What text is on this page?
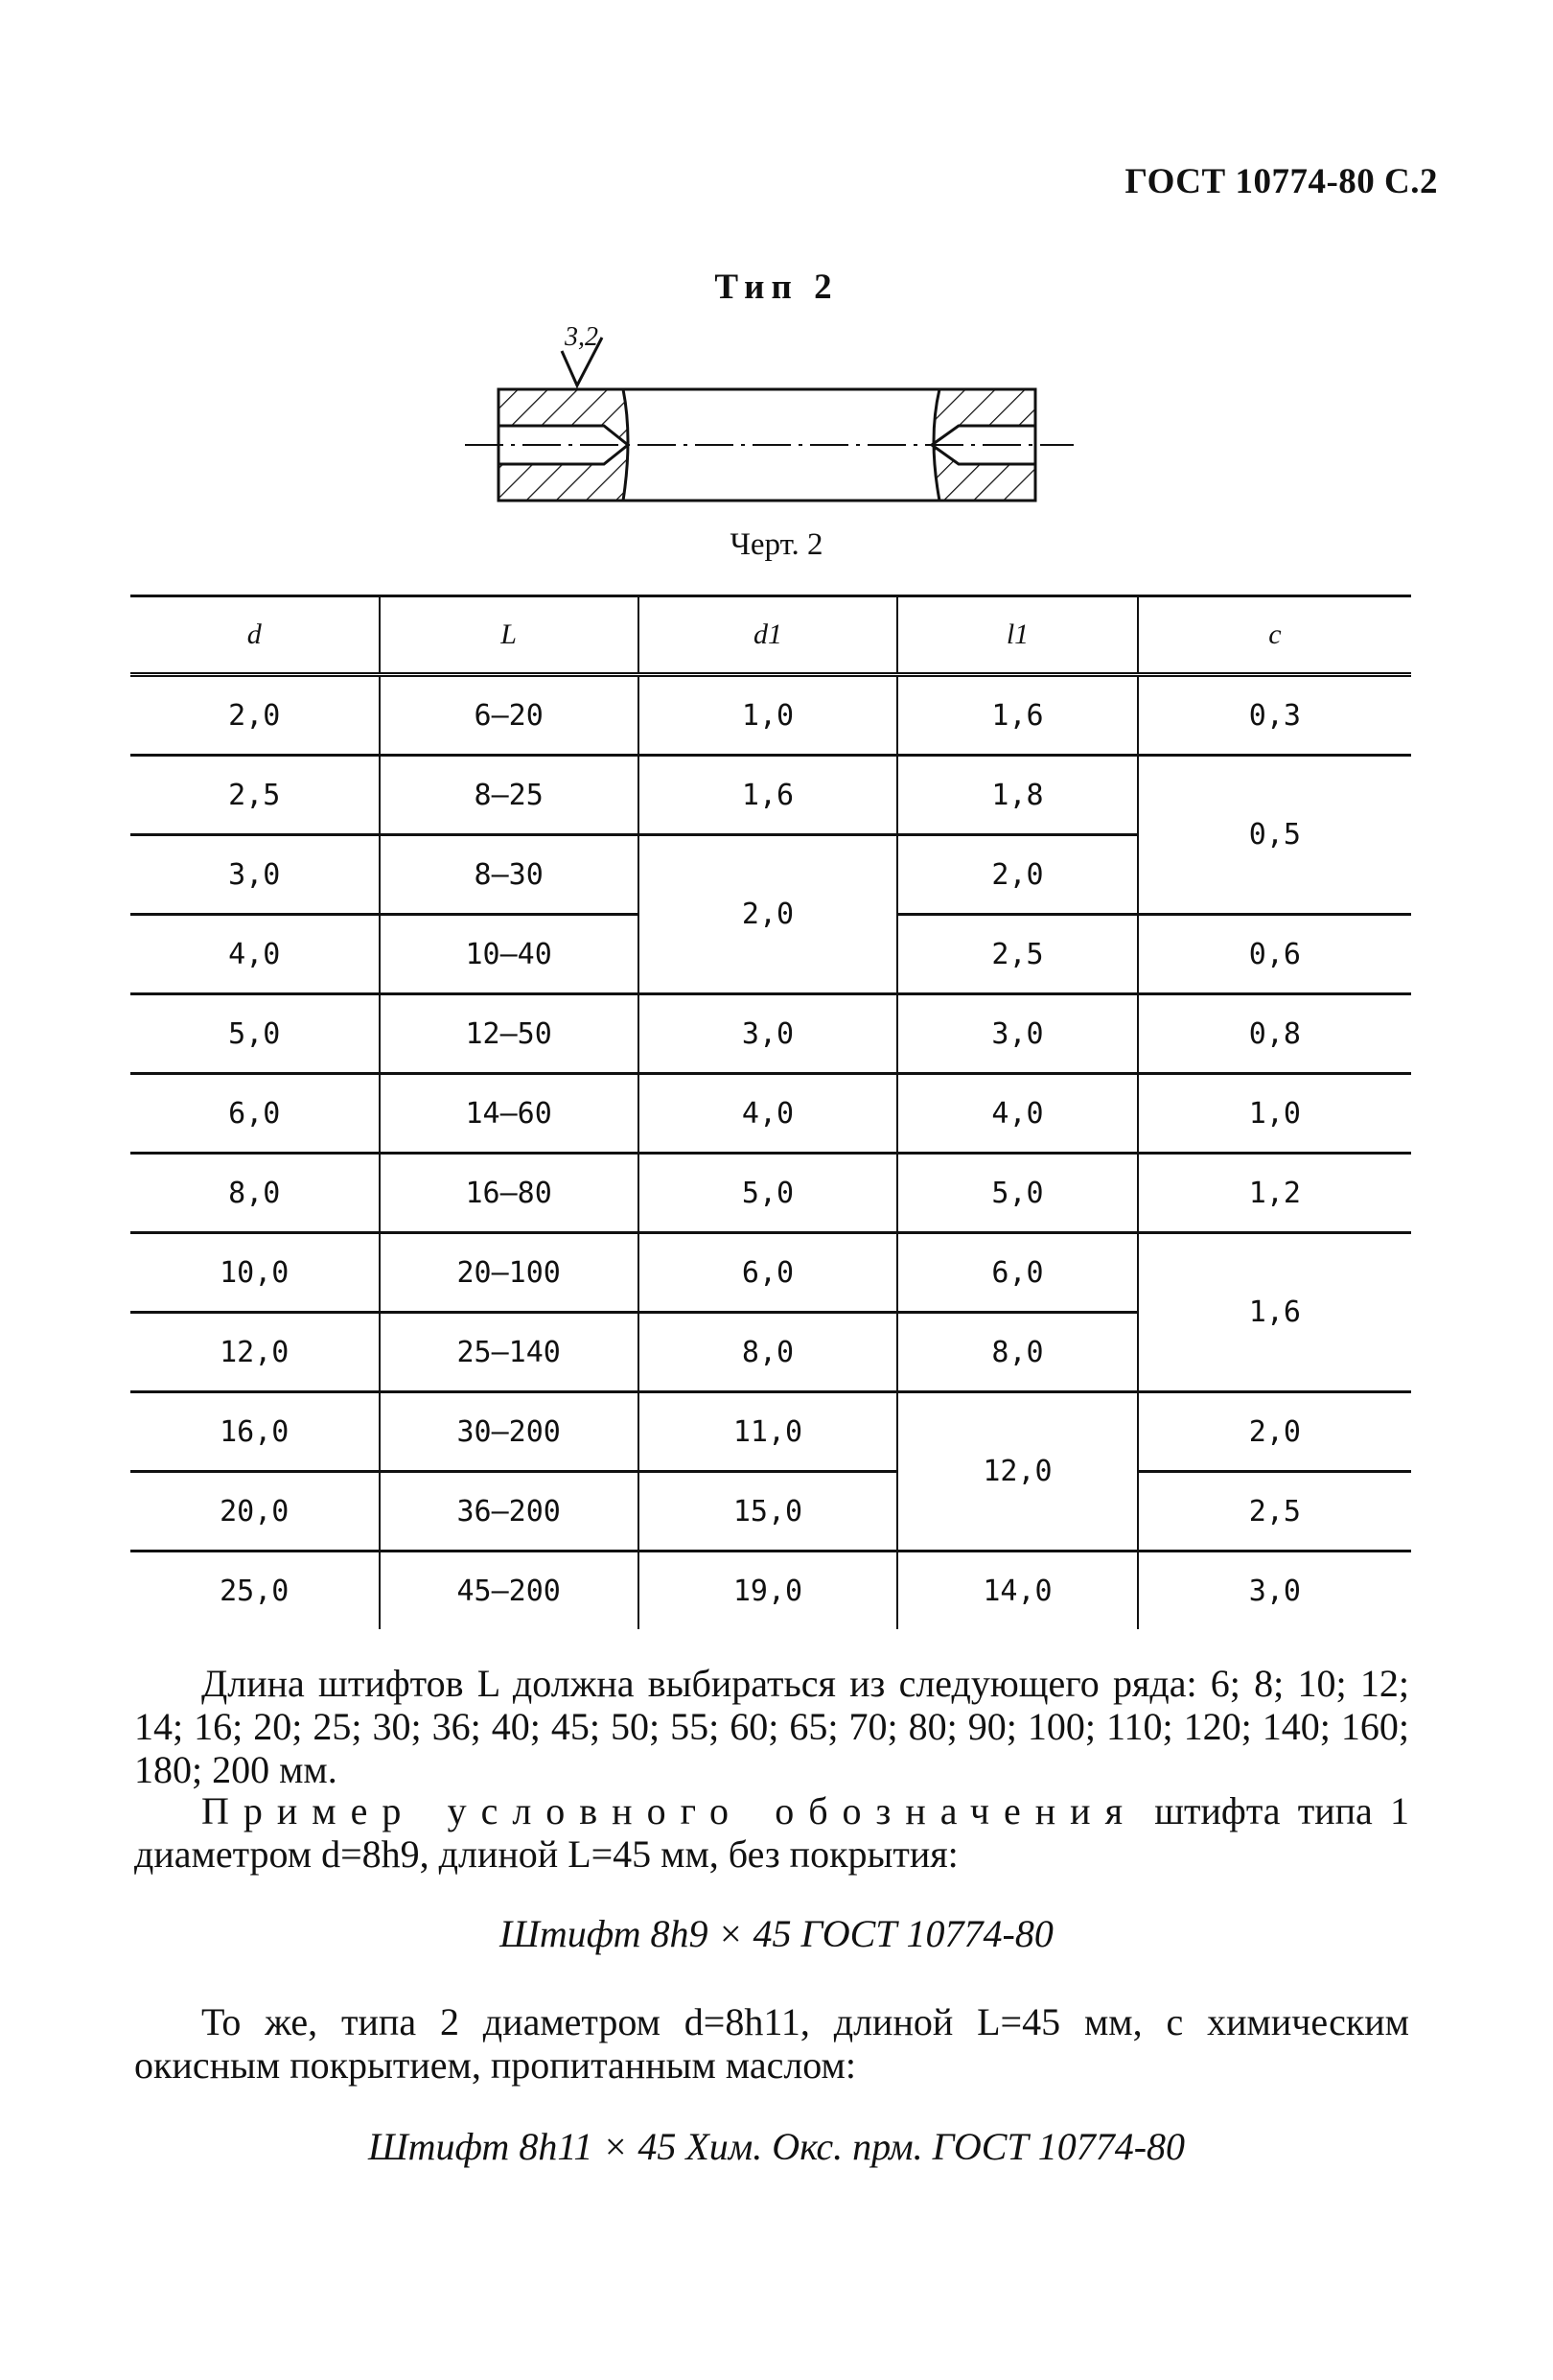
ГОСТ 10774-80 С.2
Тип 2
3,2
Черт. 2
d	L	d1	l1	c
2,0	6–20	1,0	1,6	0,3
2,5	8–25	1,6	1,8	0,5
3,0	8–30	2,0	2,0	
4,0	10–40		2,5	0,6
5,0	12–50	3,0	3,0	0,8
6,0	14–60	4,0	4,0	1,0
8,0	16–80	5,0	5,0	1,2
10,0	20–100	6,0	6,0	1,6
12,0	25–140	8,0	8,0	
16,0	30–200	11,0	12,0	2,0
20,0	36–200	15,0		2,5
25,0	45–200	19,0	14,0	3,0

Длина штифтов L должна выбираться из следующего ряда: 6; 8; 10; 12; 14; 16; 20; 25; 30; 36; 40; 45; 50; 55; 60; 65; 70; 80; 90; 100; 110; 120; 140; 160; 180; 200 мм.

Пример условного обозначения штифта типа 1 диаметром d=8h9, длиной L=45 мм, без покрытия:

Штифт 8h9 × 45 ГОСТ 10774-80

То же, типа 2 диаметром d=8h11, длиной L=45 мм, с химическим окисным покрытием, пропитанным маслом:

Штифт 8h11 × 45 Хим. Окс. прм. ГОСТ 10774-80
